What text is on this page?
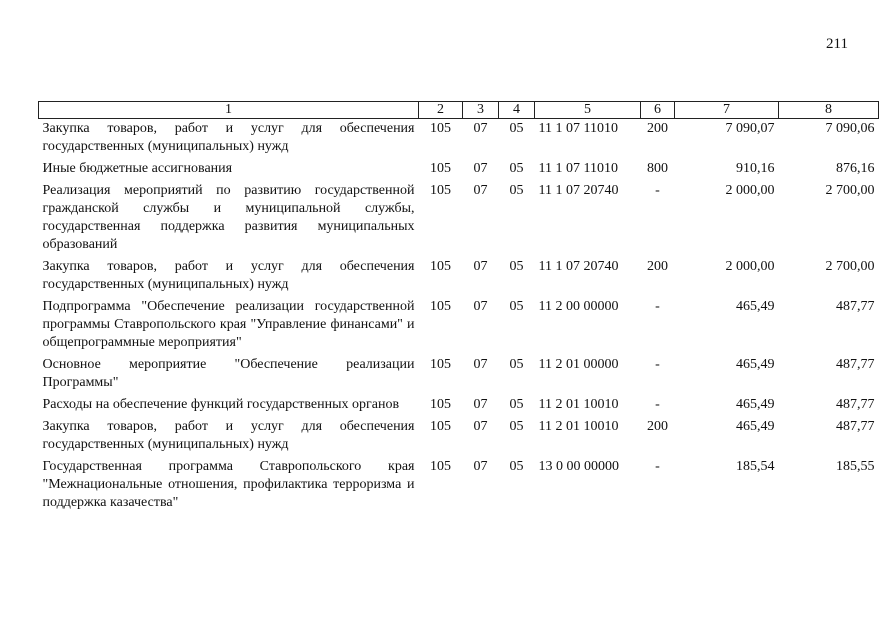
211
1	2	3	4	5	6	7	8
Закупка товаров, работ и услуг для обеспечения государственных (муниципальных) нужд	105	07	05	11 1 07 11010	200	7 090,07	7 090,06
Иные бюджетные ассигнования	105	07	05	11 1 07 11010	800	910,16	876,16
Реализация мероприятий по развитию государственной гражданской службы и муниципальной службы, государственная поддержка развития муниципальных образований	105	07	05	11 1 07 20740	-	2 000,00	2 700,00
Закупка товаров, работ и услуг для обеспечения государственных (муниципальных) нужд	105	07	05	11 1 07 20740	200	2 000,00	2 700,00
Подпрограмма "Обеспечение реализации государственной программы Ставропольского края "Управление финансами" и общепрограммные мероприятия"	105	07	05	11 2 00 00000	-	465,49	487,77
Основное мероприятие "Обеспечение реализации Программы"	105	07	05	11 2 01 00000	-	465,49	487,77
Расходы на обеспечение функций государственных органов	105	07	05	11 2 01 10010	-	465,49	487,77
Закупка товаров, работ и услуг для обеспечения государственных (муниципальных) нужд	105	07	05	11 2 01 10010	200	465,49	487,77
Государственная программа Ставропольского края "Межнациональные отношения, профилактика терроризма и поддержка казачества"	105	07	05	13 0 00 00000	-	185,54	185,55
